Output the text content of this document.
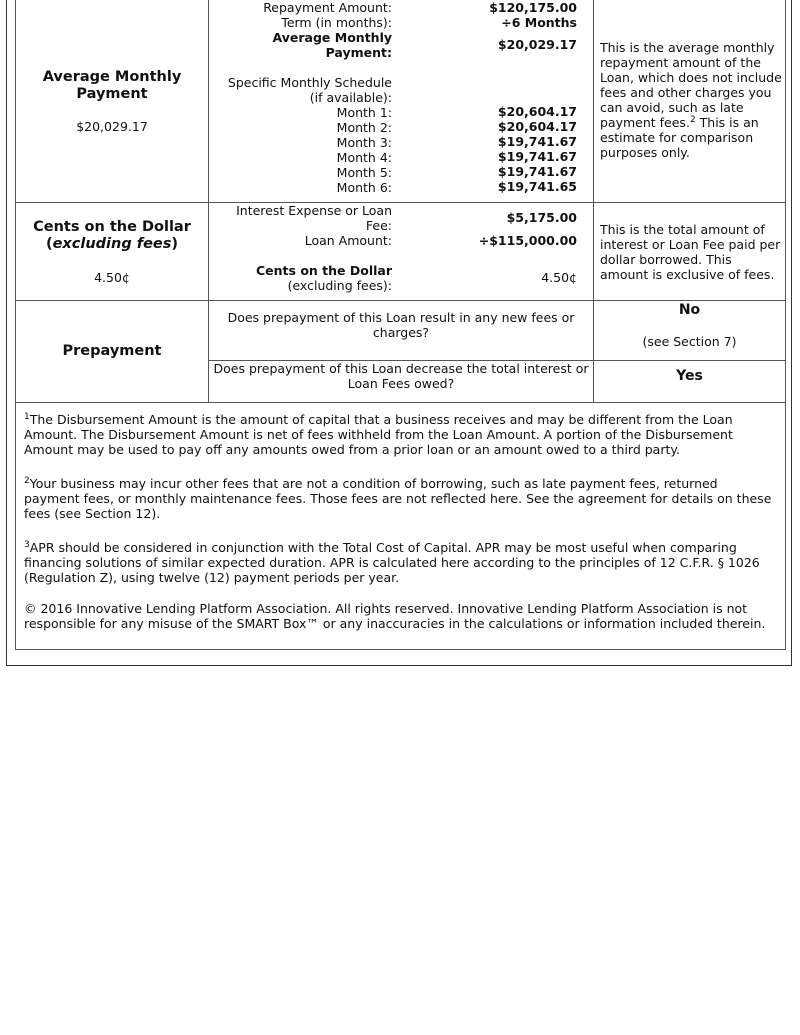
Average Monthly Payment
$20,029.17
Repayment Amount:
Term (in months):
Average Monthly
Payment:
Specific Monthly Schedule
(if available):
Month 1:
Month 2:
Month 3:
Month 4:
Month 5:
Month 6:
$120,175.00
÷6 Months
$20,029.17
$20,604.17
$20,604.17
$19,741.67
$19,741.67
$19,741.67
$19,741.65
This is the average monthly repayment amount of the Loan, which does not include fees and other charges you can avoid, such as late payment fees.$^2$ This is an estimate for comparison purposes only.
Cents on the Dollar
(excluding fees)
4.50¢
Interest Expense or Loan
Fee:
Loan Amount:
Cents on the Dollar
(excluding fees):
$5,175.00
÷$115,000.00
4.50¢
This is the total amount of interest or Loan Fee paid per dollar borrowed. This amount is exclusive of fees.
Prepayment
Does prepayment of this Loan result in any new fees or charges?
No
(see Section 7)
Does prepayment of this Loan decrease the total interest or Loan Fees owed?	Yes
$^1$The Disbursement Amount is the amount of capital that a business receives and may be different from the Loan Amount. The Disbursement Amount is net of fees withheld from the Loan Amount. A portion of the Disbursement Amount may be used to pay off any amounts owed from a prior loan or an amount owed to a third party.
$^2$Your business may incur other fees that are not a condition of borrowing, such as late payment fees, returned payment fees, or monthly maintenance fees. Those fees are not reflected here. See the agreement for details on these fees (see Section 12).
$^3$APR should be considered in conjunction with the Total Cost of Capital. APR may be most useful when comparing financing solutions of similar expected duration. APR is calculated here according to the principles of 12 C.F.R. § 1026 (Regulation Z), using twelve (12) payment periods per year.
© 2016 Innovative Lending Platform Association. All rights reserved. Innovative Lending Platform Association is not responsible for any misuse of the SMART Box™ or any inaccuracies in the calculations or information included therein.
